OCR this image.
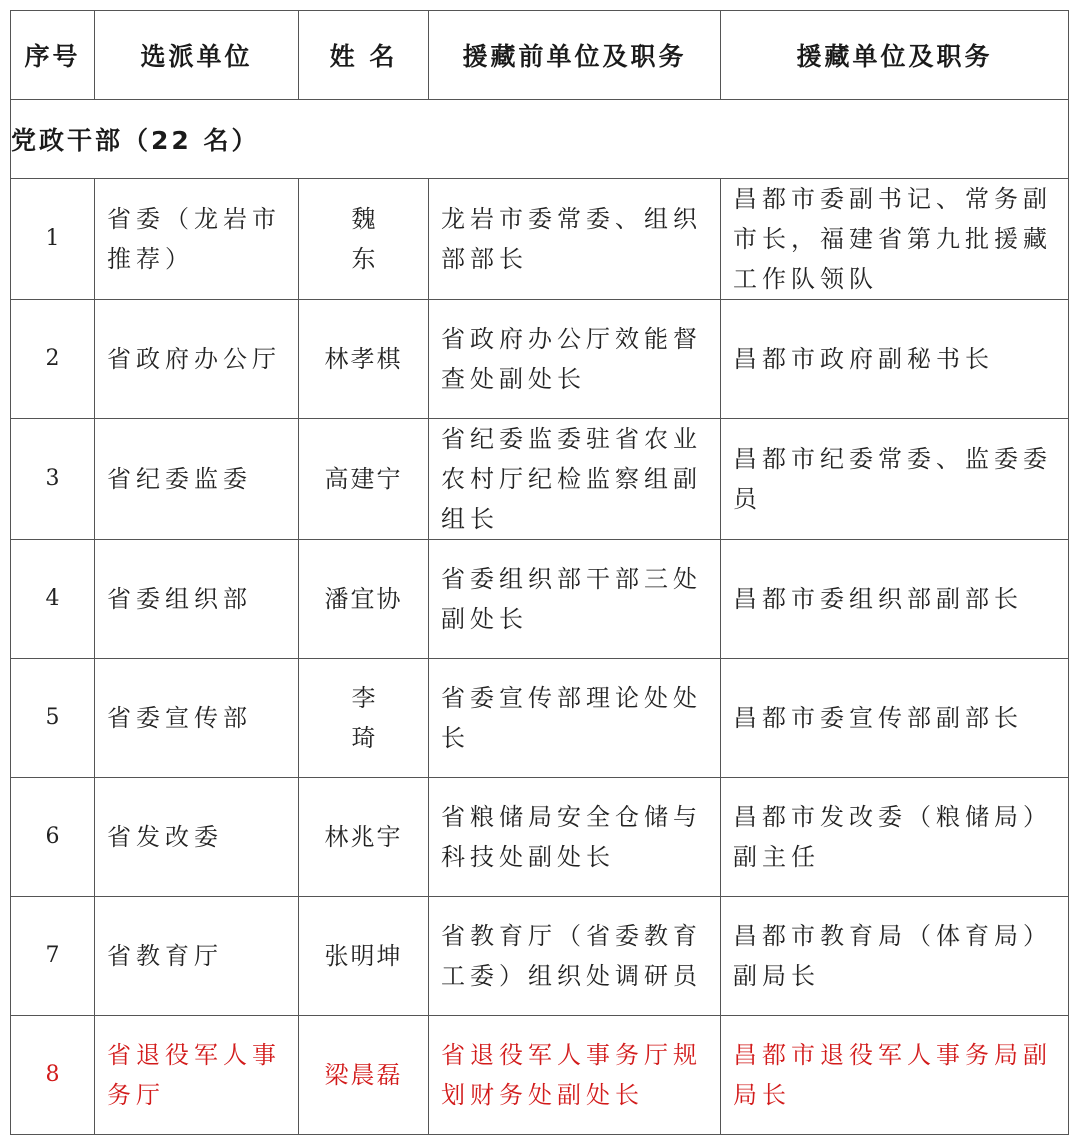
序号	选派单位	姓 名	援藏前单位及职务	援藏单位及职务
党政干部（22 名）				
1	省委（龙岩市推荐）	魏 东	龙岩市委常委、组织部部长	昌都市委副书记、常务副市长，福建省第九批援藏工作队领队
2	省政府办公厅	林孝棋	省政府办公厅效能督查处副处长	昌都市政府副秘书长
3	省纪委监委	高建宁	省纪委监委驻省农业农村厅纪检监察组副组长	昌都市纪委常委、监委委员
4	省委组织部	潘宜协	省委组织部干部三处副处长	昌都市委组织部副部长
5	省委宣传部	李 琦	省委宣传部理论处处长	昌都市委宣传部副部长
6	省发改委	林兆宇	省粮储局安全仓储与科技处副处长	昌都市发改委（粮储局）副主任
7	省教育厅	张明坤	省教育厅（省委教育工委）组织处调研员	昌都市教育局（体育局）副局长
8	省退役军人事务厅	梁晨磊	省退役军人事务厅规划财务处副处长	昌都市退役军人事务局副局长
